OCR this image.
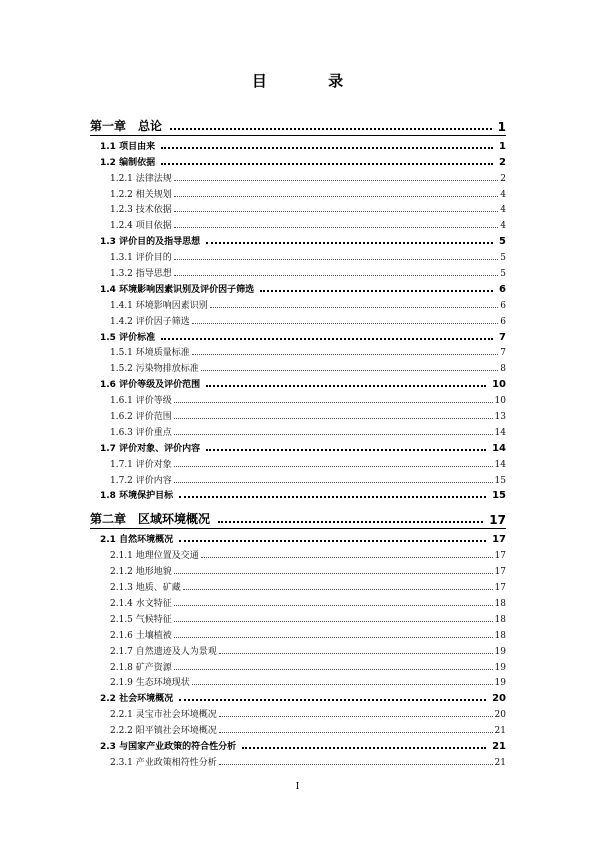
目 录
第一章　总论	1
1.1 项目由来	1
1.2 编制依据	2
1.2.1 法律法规	2
1.2.2 相关规划	4
1.2.3 技术依据	4
1.2.4 项目依据	4
1.3 评价目的及指导思想	5
1.3.1 评价目的	5
1.3.2 指导思想	5
1.4 环境影响因素识别及评价因子筛选	6
1.4.1 环境影响因素识别	6
1.4.2 评价因子筛选	6
1.5 评价标准	7
1.5.1 环境质量标准	7
1.5.2 污染物排放标准	8
1.6 评价等级及评价范围	10
1.6.1 评价等级	10
1.6.2 评价范围	13
1.6.3 评价重点	14
1.7 评价对象、评价内容	14
1.7.1 评价对象	14
1.7.2 评价内容	15
1.8 环境保护目标	15
第二章　区域环境概况	17
2.1 自然环境概况	17
2.1.1 地理位置及交通	17
2.1.2 地形地貌	17
2.1.3 地质、矿藏	17
2.1.4 水文特征	18
2.1.5 气候特征	18
2.1.6 土壤植被	18
2.1.7 自然遗迹及人为景观	19
2.1.8 矿产资源	19
2.1.9 生态环境现状	19
2.2 社会环境概况	20
2.2.1 灵宝市社会环境概况	20
2.2.2 阳平镇社会环境概况	21
2.3 与国家产业政策的符合性分析	21
2.3.1 产业政策相符性分析	21
I
